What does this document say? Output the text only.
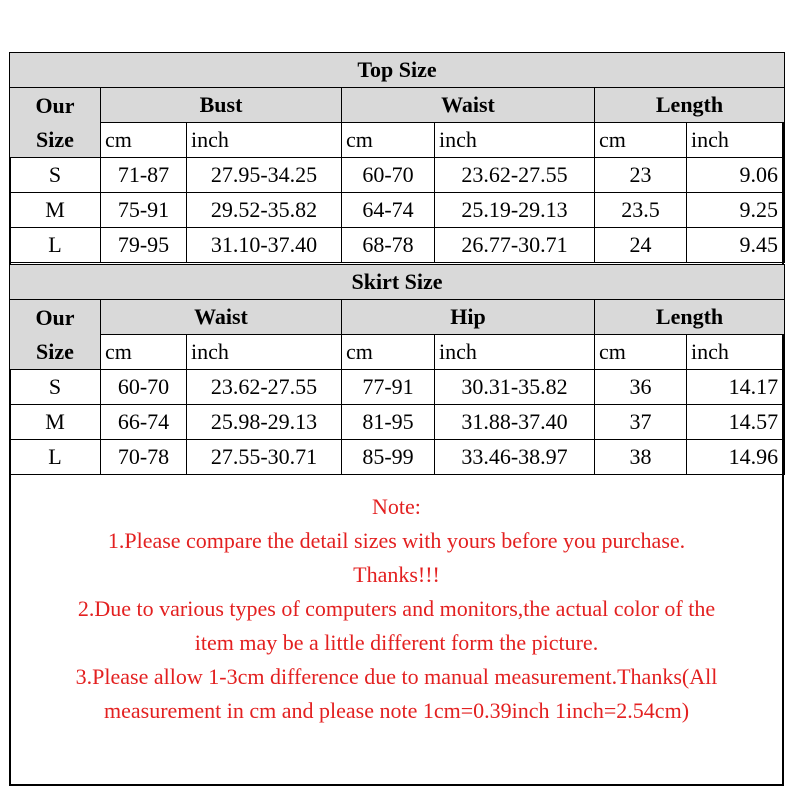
Top Size						

Our
Size	Bust		Waist		Length	
	cm	inch	cm	inch	cm	inch
S	71-87	27.95-34.25	60-70	23.62-27.55	23	9.06
M	75-91	29.52-35.82	64-74	25.19-29.13	23.5	9.25
L	79-95	31.10-37.40	68-78	26.77-30.71	24	9.45
Skirt Size						

Our
Size	Waist		Hip		Length	
	cm	inch	cm	inch	cm	inch
S	60-70	23.62-27.55	77-91	30.31-35.82	36	14.17
M	66-74	25.98-29.13	81-95	31.88-37.40	37	14.57
L	70-78	27.55-30.71	85-99	33.46-38.97	38	14.96
Note:
1.Please compare the detail sizes with yours before you purchase.
Thanks!!!
2.Due to various types of computers and monitors,the actual color of the
item may be a little different form the picture.
3.Please allow 1-3cm difference due to manual measurement.Thanks(All
measurement in cm and please note 1cm=0.39inch 1inch=2.54cm)
